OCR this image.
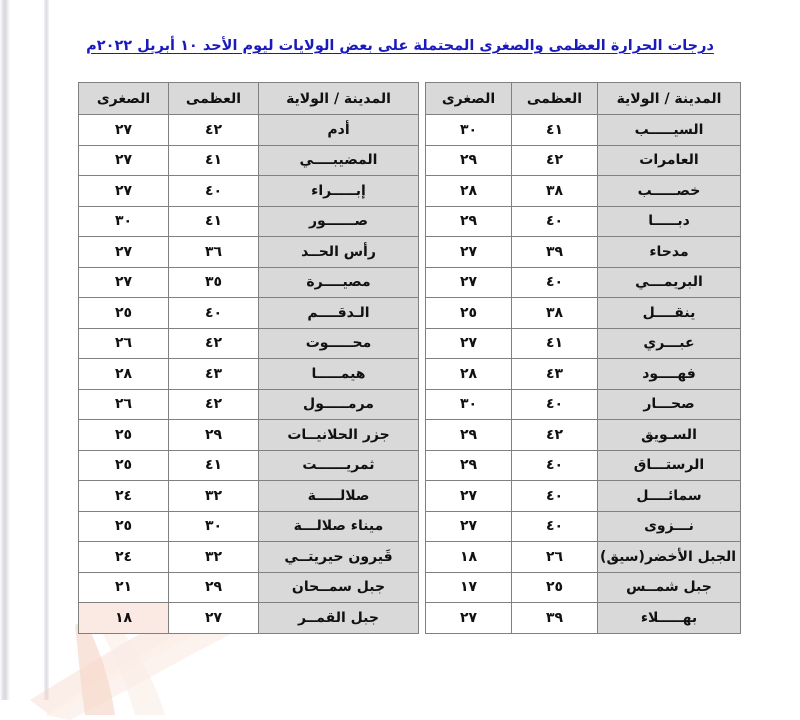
درجات الحرارة العظمى والصغرى المحتملة على بعض الولايات ليوم الأحد ١٠ أبريل ٢٠٢٢م
المدينة / الولاية	العظمى	الصغرى
أدم	٤٢	٢٧
المضيبــــي	٤١	٢٧
إبـــــراء	٤٠	٢٧
صــــــور	٤١	٣٠
رأس الحــد	٣٦	٢٧
مصيــــرة	٣٥	٢٧
الـدقــــم	٤٠	٢٥
محـــــوت	٤٢	٢٦
هيمـــــا	٤٣	٢٨
مرمـــــول	٤٢	٢٦
جزر الحلانيــات	٢٩	٢٥
ثمريــــــت	٤١	٢٥
صلالـــــة	٣٢	٢٤
ميناء صلالـــة	٣٠	٢٥
قَيرون حيريتــي	٣٢	٢٤
جبل سمــحان	٢٩	٢١
جبل القمــر	٢٧	١٨
المدينة / الولاية	العظمى	الصغرى
السيـــــب	٤١	٣٠
العامرات	٤٢	٢٩
خصـــــب	٣٨	٢٨
دبـــــا	٤٠	٢٩
مدحاء	٣٩	٢٧
البريمـــي	٤٠	٢٧
ينقــــل	٣٨	٢٥
عبـــري	٤١	٢٧
فهــــود	٤٣	٢٨
صحـــار	٤٠	٣٠
السـويق	٤٢	٢٩
الرستـــاق	٤٠	٢٩
سمائــــل	٤٠	٢٧
نـــزوى	٤٠	٢٧
الجبل الأخضر(سيق)	٢٦	١٨
جبل شمــس	٢٥	١٧
بهـــــلاء	٣٩	٢٧
